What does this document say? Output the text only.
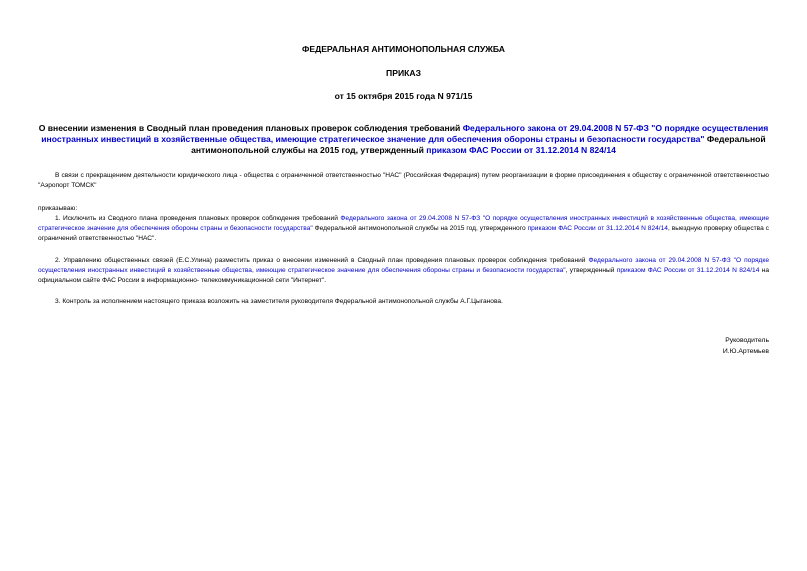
ФЕДЕРАЛЬНАЯ АНТИМОНОПОЛЬНАЯ СЛУЖБА
ПРИКАЗ
от 15 октября 2015 года N 971/15
О внесении изменения в Сводный план проведения плановых проверок соблюдения требований Федерального закона от 29.04.2008 N 57-ФЗ "О порядке осуществления иностранных инвестиций в хозяйственные общества, имеющие стратегическое значение для обеспечения обороны страны и безопасности государства" Федеральной антимонопольной службы на 2015 год, утвержденный приказом ФАС России от 31.12.2014 N 824/14
В связи с прекращением деятельности юридического лица - общества с ограниченной ответственностью "НАС" (Российская Федерация) путем реорганизации в форме присоединения к обществу с ограниченной ответственностью "Аэропорт ТОМСК"
приказываю:
1. Исключить из Сводного плана проведения плановых проверок соблюдения требований Федерального закона от 29.04.2008 N 57-ФЗ "О порядке осуществления иностранных инвестиций в хозяйственные общества, имеющие стратегическое значение для обеспечения обороны страны и безопасности государства" Федеральной антимонопольной службы на 2015 год, утвержденного приказом ФАС России от 31.12.2014 N 824/14, выездную проверку общества с ограничений ответственностью "НАС".
2. Управлению общественных связей (Е.С.Улина) разместить приказ о внесении изменений в Сводный план проведения плановых проверок соблюдения требований Федерального закона от 29.04.2008 N 57-ФЗ "О порядке осуществления иностранных инвестиций в хозяйственные общества, имеющие стратегическое значение для обеспечения обороны страны и безопасности государства", утвержденный приказом ФАС России от 31.12.2014 N 824/14 на официальном сайте ФАС России в информационно- телекоммуникационной сети "Интернет".
3. Контроль за исполнением настоящего приказа возложить на заместителя руководителя Федеральной антимонопольной службы А.Г.Цыганова.
Руководитель
И.Ю.Артемьев
